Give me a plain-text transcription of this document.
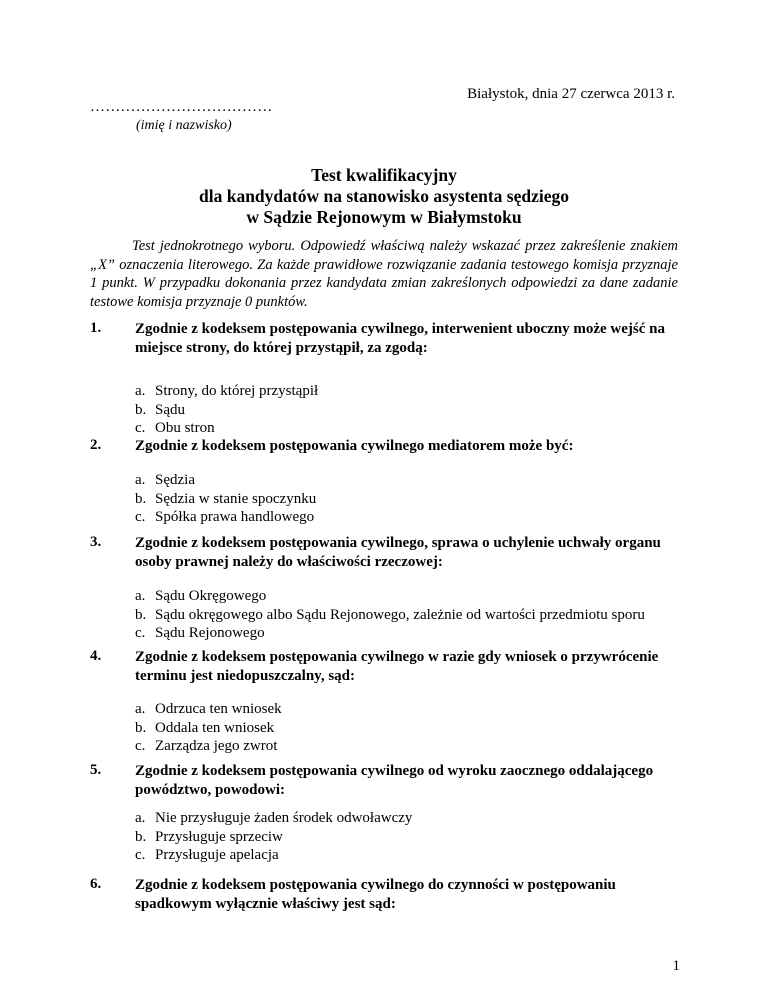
Białystok, dnia 27 czerwca 2013 r.
………………………………
(imię i nazwisko)
Test kwalifikacyjny
dla kandydatów na stanowisko asystenta sędziego
w Sądzie Rejonowym w Białymstoku
Test jednokrotnego wyboru. Odpowiedź właściwą należy wskazać przez zakreślenie znakiem „X” oznaczenia literowego. Za każde prawidłowe rozwiązanie zadania testowego komisja przyznaje 1 punkt. W przypadku dokonania przez kandydata zmian zakreślonych odpowiedzi za dane zadanie testowe komisja przyznaje 0 punktów.
1. Zgodnie z kodeksem postępowania cywilnego, interwenient uboczny może wejść na miejsce strony, do której przystąpił, za zgodą:
a. Strony, do której przystąpił
b. Sądu
c. Obu stron
2. Zgodnie z kodeksem postępowania cywilnego mediatorem może być:
a. Sędzia
b. Sędzia w stanie spoczynku
c. Spółka prawa handlowego
3. Zgodnie z kodeksem postępowania cywilnego, sprawa o uchylenie uchwały organu osoby prawnej należy do właściwości rzeczowej:
a. Sądu Okręgowego
b. Sądu okręgowego albo Sądu Rejonowego, zależnie od wartości przedmiotu sporu
c. Sądu Rejonowego
4. Zgodnie z kodeksem postępowania cywilnego w razie gdy wniosek o przywrócenie terminu jest niedopuszczalny, sąd:
a. Odrzuca ten wniosek
b. Oddala ten wniosek
c. Zarządza jego zwrot
5. Zgodnie z kodeksem postępowania cywilnego od wyroku zaocznego oddalającego powództwo, powodowi:
a. Nie przysługuje żaden środek odwoławczy
b. Przysługuje sprzeciw
c. Przysługuje apelacja
6. Zgodnie z kodeksem postępowania cywilnego do czynności w postępowaniu spadkowym wyłącznie właściwy jest sąd:
1
